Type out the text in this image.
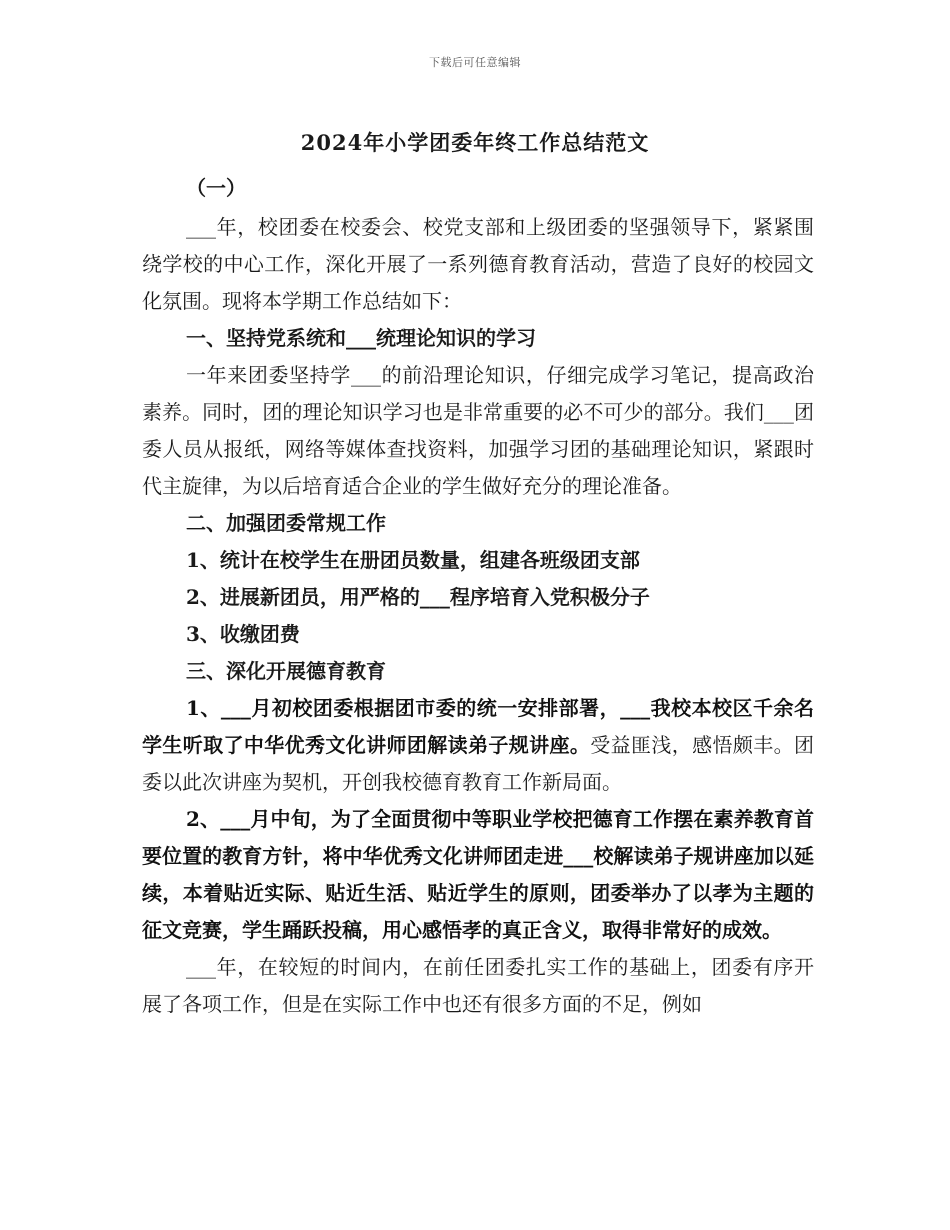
下载后可任意编辑
2024年小学团委年终工作总结范文

（一）

___年，校团委在校委会、校党支部和上级团委的坚强领导下，紧紧围绕学校的中心工作，深化开展了一系列德育教育活动，营造了良好的校园文化氛围。现将本学期工作总结如下：

一、坚持党系统和___统理论知识的学习

一年来团委坚持学___的前沿理论知识，仔细完成学习笔记，提高政治素养。同时，团的理论知识学习也是非常重要的必不可少的部分。我们___团委人员从报纸，网络等媒体查找资料，加强学习团的基础理论知识，紧跟时代主旋律，为以后培育适合企业的学生做好充分的理论准备。

二、加强团委常规工作

1、统计在校学生在册团员数量，组建各班级团支部

2、进展新团员，用严格的___程序培育入党积极分子

3、收缴团费

三、深化开展德育教育

1、___月初校团委根据团市委的统一安排部署，___我校本校区千余名学生听取了中华优秀文化讲师团解读弟子规讲座。受益匪浅，感悟颇丰。团委以此次讲座为契机，开创我校德育教育工作新局面。

2、___月中旬，为了全面贯彻中等职业学校把德育工作摆在素养教育首要位置的教育方针，将中华优秀文化讲师团走进___校解读弟子规讲座加以延续，本着贴近实际、贴近生活、贴近学生的原则，团委举办了以孝为主题的征文竞赛，学生踊跃投稿，用心感悟孝的真正含义，取得非常好的成效。

___年，在较短的时间内，在前任团委扎实工作的基础上，团委有序开展了各项工作，但是在实际工作中也还有很多方面的不足，例如
